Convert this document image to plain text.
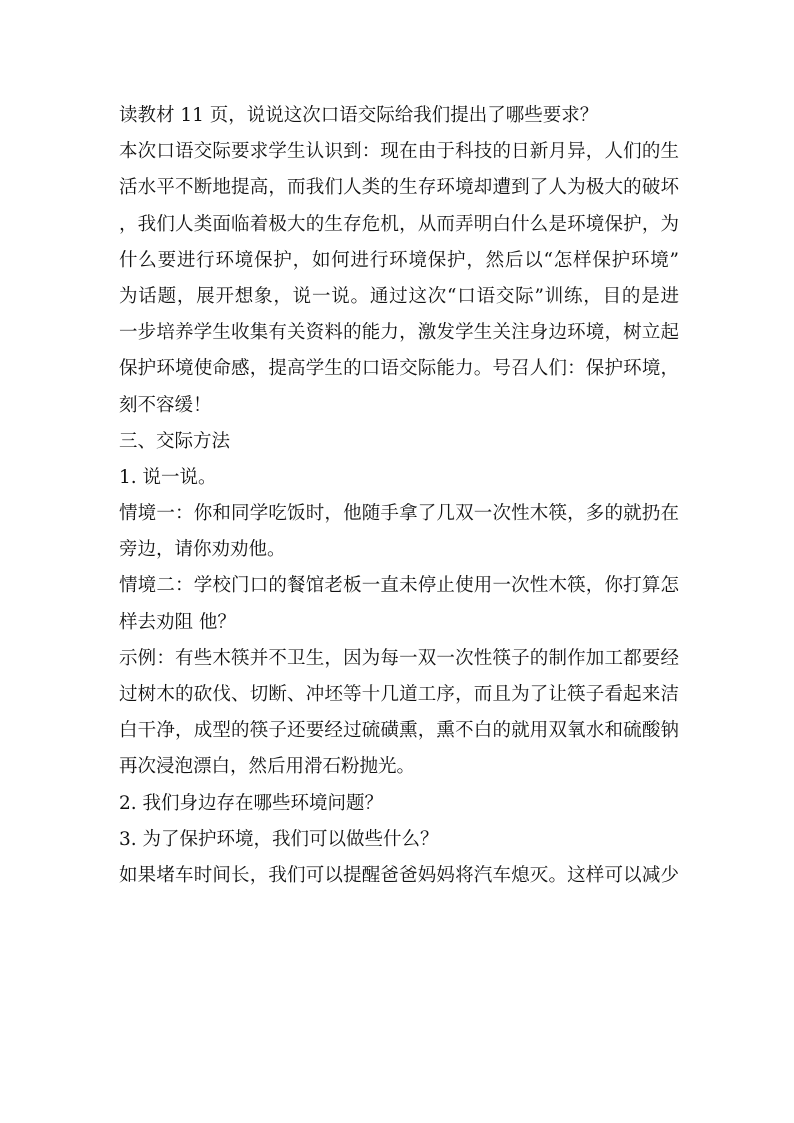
读教材 11 页，说说这次口语交际给我们提出了哪些要求？
本次口语交际要求学生认识到：现在由于科技的日新月异，人们的生
活水平不断地提高，而我们人类的生存环境却遭到了人为极大的破坏
，我们人类面临着极大的生存危机，从而弄明白什么是环境保护，为
什么要进行环境保护，如何进行环境保护，然后以“怎样保护环境”
为话题，展开想象，说一说。通过这次“口语交际”训练，目的是进
一步培养学生收集有关资料的能力，激发学生关注身边环境，树立起
保护环境使命感，提高学生的口语交际能力。号召人们：保护环境，
刻不容缓！
三、交际方法
1. 说一说。
情境一：你和同学吃饭时，他随手拿了几双一次性木筷，多的就扔在
旁边，请你劝劝他。
情境二：学校门口的餐馆老板一直未停止使用一次性木筷，你打算怎
样去劝阻 他？
示例：有些木筷并不卫生，因为每一双一次性筷子的制作加工都要经
过树木的砍伐、切断、冲坯等十几道工序，而且为了让筷子看起来洁
白干净，成型的筷子还要经过硫磺熏，熏不白的就用双氧水和硫酸钠
再次浸泡漂白，然后用滑石粉抛光。
2. 我们身边存在哪些环境问题？
3. 为了保护环境，我们可以做些什么？
如果堵车时间长，我们可以提醒爸爸妈妈将汽车熄灭。这样可以减少
